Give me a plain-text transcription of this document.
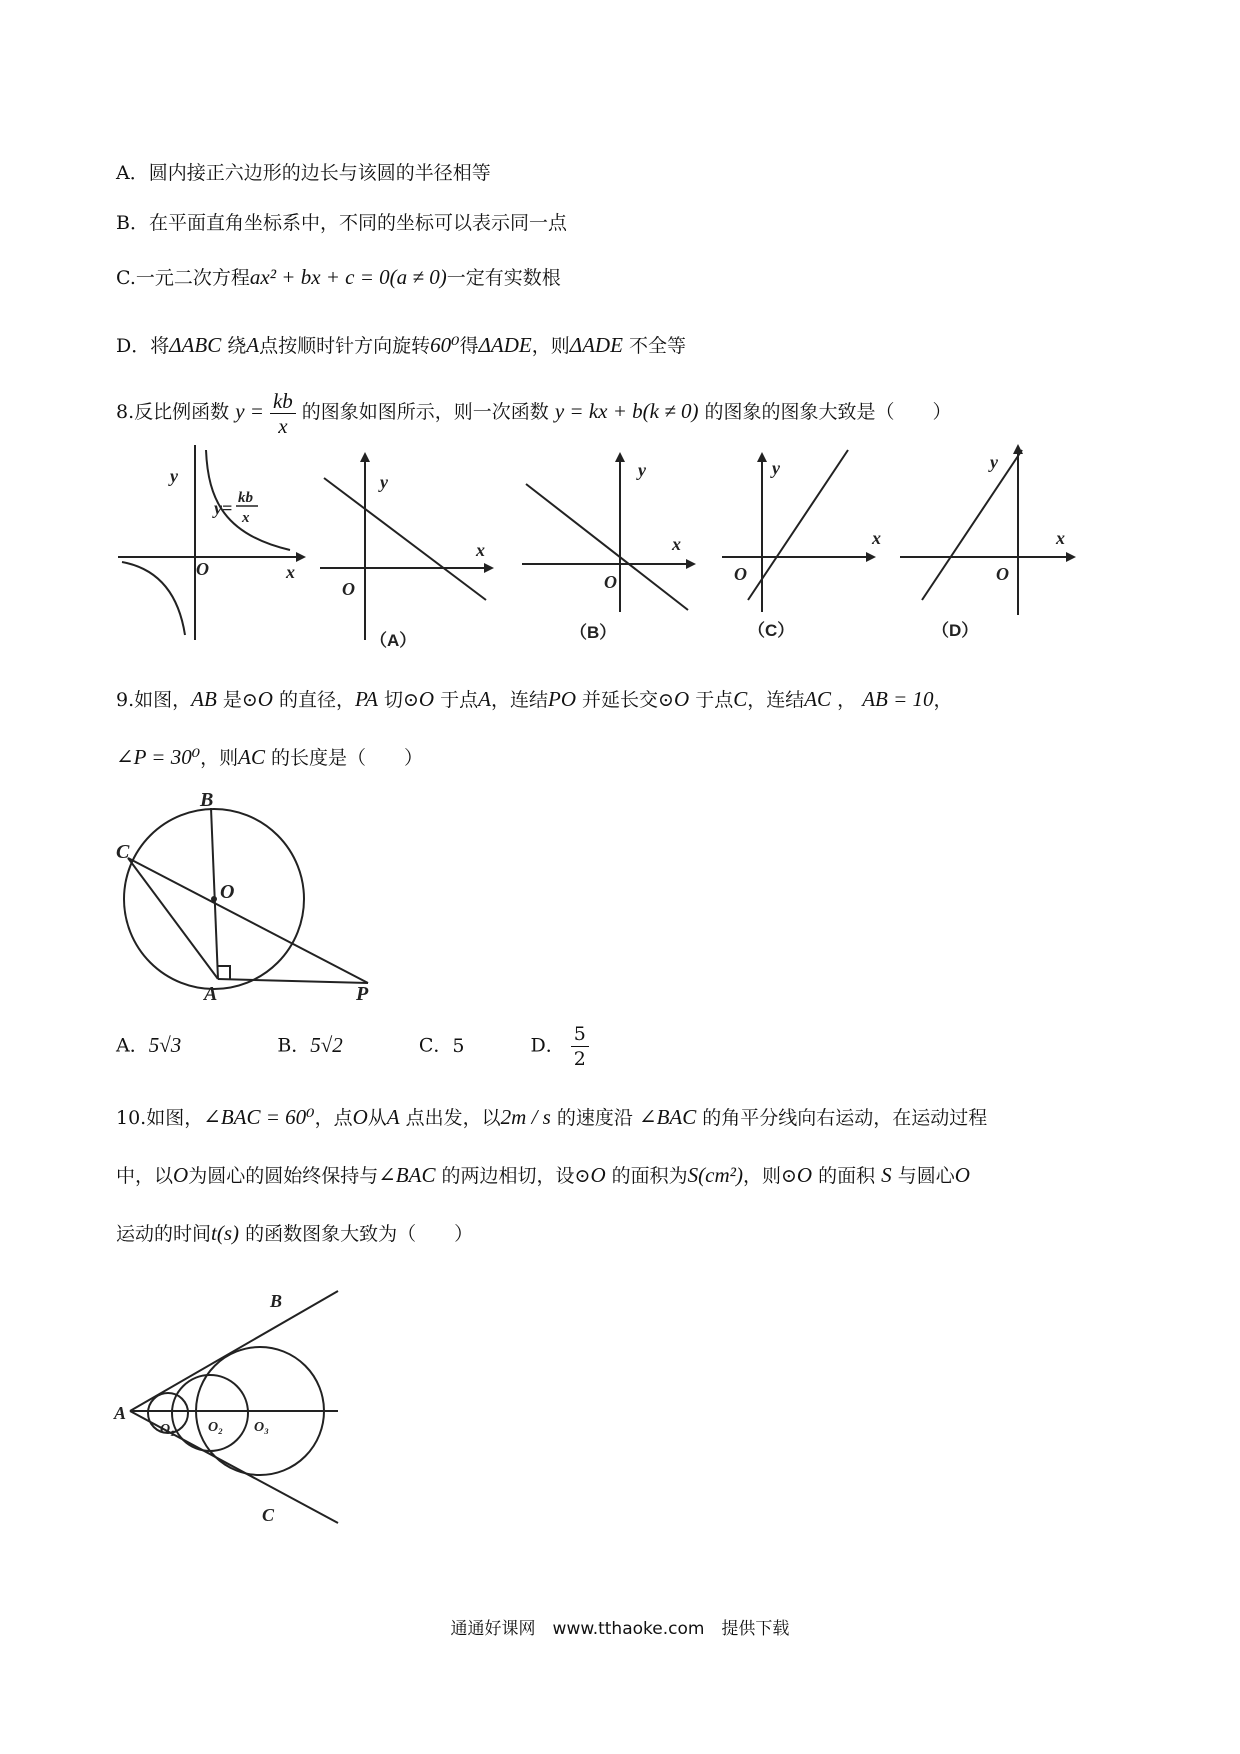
A．圆内接正六边形的边长与该圆的半径相等
B．在平面直角坐标系中，不同的坐标可以表示同一点
C.一元二次方程ax² + bx + c = 0(a ≠ 0)一定有实数根
D．将ΔABC 绕A点按顺时针方向旋转60⁰得ΔADE，则ΔADE 不全等
8.反比例函数 $y = \frac{kb}{x}$ 的图象如图所示，则一次函数 y = kx + b(k ≠ 0) 的图象的图象大致是（　　）
y
y= kb
x
O	x
y
x
O
y
x
O
y
x
O
y
x
O
（A）	（B）	（C）	（D）
9.如图，AB 是⊙O 的直径，PA 切⊙O 于点A，连结PO 并延长交⊙O 于点C，连结AC ， AB = 10，
∠P = 30⁰，则AC 的长度是（　　）
B
C
O
A	P
A．5√3	B．5√2	C．5	D． $\frac{5}{2}$
10.如图，∠BAC = 60⁰，点O从A 点出发，以2m / s 的速度沿 ∠BAC 的角平分线向右运动，在运动过程
中，以O为圆心的圆始终保持与∠BAC 的两边相切，设⊙O 的面积为S(cm²)，则⊙O 的面积 S 与圆心O
运动的时间t(s) 的函数图象大致为（　　）
A
B
C
O₁ O₂ O₃
通通好课网　www.tthaoke.com　提供下载
